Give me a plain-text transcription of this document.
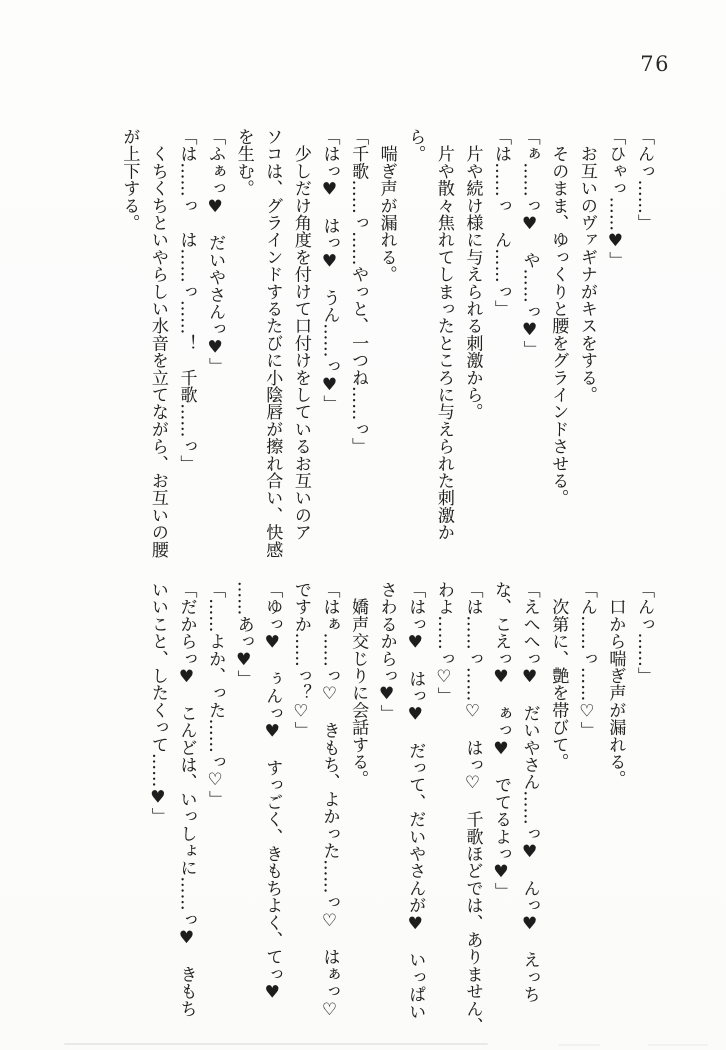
76
「んっ……」
「ひゃっ……♥」
　お互いのヴァギナがキスをする。
　そのまま、ゆっくりと腰をグラインドさせる。
「ぁ……っ♥　や……っ♥」
「は……っ　ん……っ」
　片や続け様に与えられる刺激から。
　片や散々焦れてしまったところに与えられた刺激か
ら。
　喘ぎ声が漏れる。
「千歌……っ……やっと、一つね……っ」
「はっ♥　はっ♥　うん……っ♥」
　少しだけ角度を付けて口付けをしているお互いのア
ソコは、グラインドするたびに小陰唇が擦れ合い、快感
を生む。
「ふぁっ♥　だいやさんっ♥」
「は……っ　は……っ……！　千歌……っ」
　くちくちといやらしい水音を立てながら、お互いの腰
が上下する。
「んっ……」
　口から喘ぎ声が漏れる。
「ん……っ……♡」
　次第に、艶を帯びて。
「えへへっ♥　だいやさん……っ♥　んっ♥　えっち
な、こえっ♥　ぁっ♥　でてるよっ♥」
「は……っ……♡　はっ♡　千歌ほどでは、ありません、
わよ……っ♡」
「はっ♥　はっ♥　だって、だいやさんが♥　いっぱい
さわるからっ♥」
　嬌声交じりに会話する。
「はぁ……っ♡　きもち、よかった……っ♡　はぁっ♡
ですか……っ？♡」
「ゆっ♥　ぅんっ♥　すっごく、きもちよく、てっ♥
……あっ♥」
「……よか、った……っ♡」
「だからっ♥　こんどは、いっしょに……っ♥　きもち
いいこと、したくって……♥」
